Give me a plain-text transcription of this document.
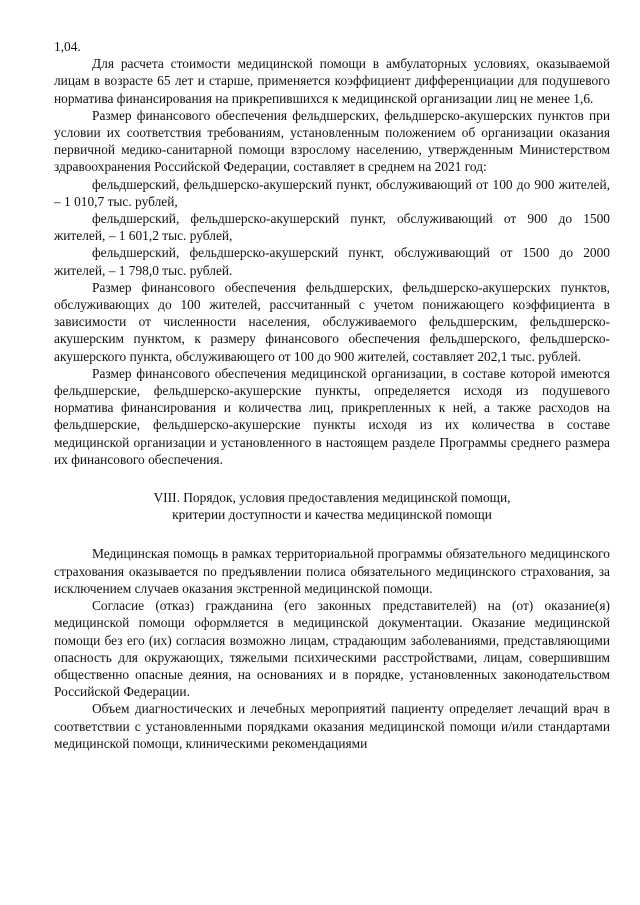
1,04.

Для расчета стоимости медицинской помощи в амбулаторных условиях, оказываемой лицам в возрасте 65 лет и старше, применяется коэффициент дифференциации для подушевого норматива финансирования на прикрепившихся к медицинской организации лиц не менее 1,6.

Размер финансового обеспечения фельдшерских, фельдшерско-акушерских пунктов при условии их соответствия требованиям, установленным положением об организации оказания первичной медико-санитарной помощи взрослому населению, утвержденным Министерством здравоохранения Российской Федерации, составляет в среднем на 2021 год:

фельдшерский, фельдшерско-акушерский пункт, обслуживающий от 100 до 900 жителей, – 1 010,7 тыс. рублей,

фельдшерский, фельдшерско-акушерский пункт, обслуживающий от 900 до 1500 жителей, – 1 601,2 тыс. рублей,

фельдшерский, фельдшерско-акушерский пункт, обслуживающий от 1500 до 2000 жителей, – 1 798,0 тыс. рублей.

Размер финансового обеспечения фельдшерских, фельдшерско-акушерских пунктов, обслуживающих до 100 жителей, рассчитанный с учетом понижающего коэффициента в зависимости от численности населения, обслуживаемого фельдшерским, фельдшерско-акушерским пунктом, к размеру финансового обеспечения фельдшерского, фельдшерско-акушерского пункта, обслуживающего от 100 до 900 жителей, составляет 202,1 тыс. рублей.

Размер финансового обеспечения медицинской организации, в составе которой имеются фельдшерские, фельдшерско-акушерские пункты, определяется исходя из подушевого норматива финансирования и количества лиц, прикрепленных к ней, а также расходов на фельдшерские, фельдшерско-акушерские пункты исходя из их количества в составе медицинской организации и установленного в настоящем разделе Программы среднего размера их финансового обеспечения.

VIII. Порядок, условия предоставления медицинской помощи,
критерии доступности и качества медицинской помощи

Медицинская помощь в рамках территориальной программы обязательного медицинского страхования оказывается по предъявлении полиса обязательного медицинского страхования, за исключением случаев оказания экстренной медицинской помощи.

Согласие (отказ) гражданина (его законных представителей) на (от) оказание(я) медицинской помощи оформляется в медицинской документации. Оказание медицинской помощи без его (их) согласия возможно лицам, страдающим заболеваниями, представляющими опасность для окружающих, тяжелыми психическими расстройствами, лицам, совершившим общественно опасные деяния, на основаниях и в порядке, установленных законодательством Российской Федерации.

Объем диагностических и лечебных мероприятий пациенту определяет лечащий врач в соответствии с установленными порядками оказания медицинской помощи и/или стандартами медицинской помощи, клиническими рекомендациями
